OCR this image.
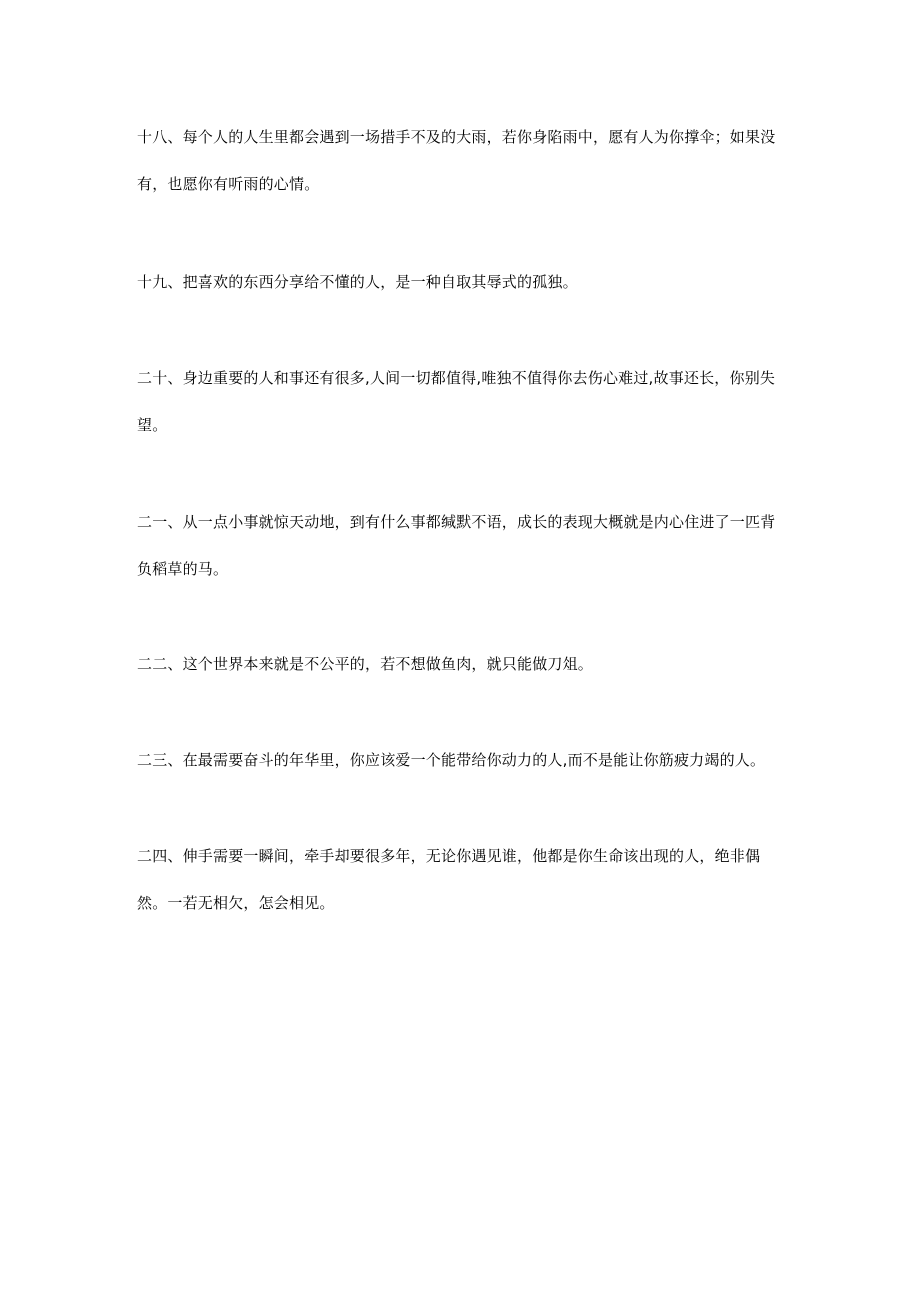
十八、每个人的人生里都会遇到一场措手不及的大雨，若你身陷雨中，愿有人为你撑伞；如果没有，也愿你有听雨的心情。

十九、把喜欢的东西分享给不懂的人，是一种自取其辱式的孤独。

二十、身边重要的人和事还有很多,人间一切都值得,唯独不值得你去伤心难过,故事还长，你别失望。

二一、从一点小事就惊天动地，到有什么事都缄默不语，成长的表现大概就是内心住进了一匹背负稻草的马。

二二、这个世界本来就是不公平的，若不想做鱼肉，就只能做刀俎。

二三、在最需要奋斗的年华里，你应该爱一个能带给你动力的人,而不是能让你筋疲力竭的人。

二四、伸手需要一瞬间，牵手却要很多年，无论你遇见谁，他都是你生命该出现的人，绝非偶然。一若无相欠，怎会相见。
